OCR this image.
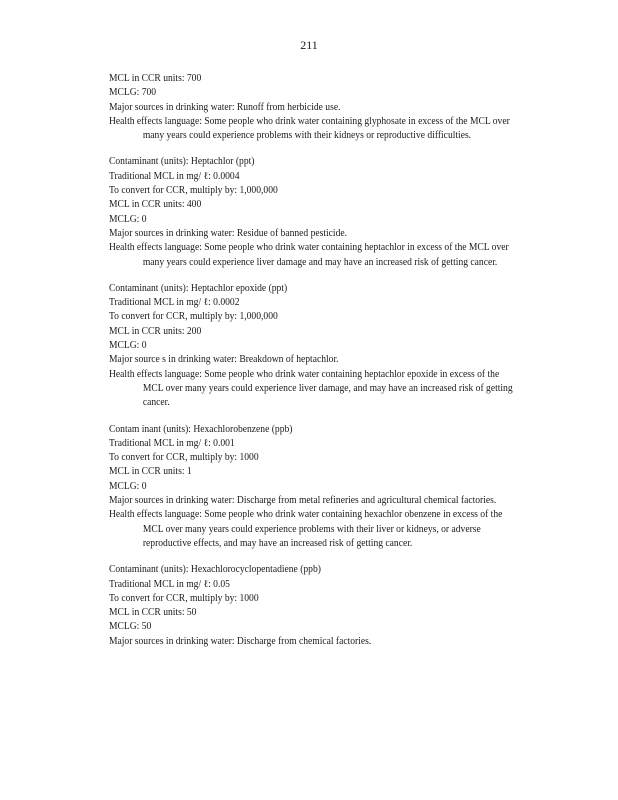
211
MCL in CCR units: 700
MCLG: 700
Major sources in drinking water: Runoff from herbicide use.
Health effects language: Some people who drink water containing glyphosate in excess of the MCL over many years could experience problems with their kidneys or reproductive difficulties.
Contaminant (units): Heptachlor (ppt)
Traditional MCL in mg/ ℓ: 0.0004
To convert for CCR, multiply by: 1,000,000
MCL in CCR units: 400
MCLG: 0
Major sources in drinking water: Residue of banned pesticide.
Health effects language: Some people who drink water containing heptachlor in excess of the MCL over many years could experience liver damage and may have an increased risk of getting cancer.
Contaminant (units): Heptachlor epoxide (ppt)
Traditional MCL in mg/ ℓ: 0.0002
To convert for CCR, multiply by: 1,000,000
MCL in CCR units: 200
MCLG: 0
Major source s in drinking water: Breakdown of heptachlor.
Health effects language: Some people who drink water containing heptachlor epoxide in excess of the MCL over many years could experience liver damage, and may have an increased risk of getting cancer.
Contam inant (units): Hexachlorobenzene (ppb)
Traditional MCL in mg/ ℓ: 0.001
To convert for CCR, multiply by: 1000
MCL in CCR units: 1
MCLG: 0
Major sources in drinking water: Discharge from metal refineries and agricultural chemical factories.
Health effects language: Some people who drink water containing hexachlor obenzene in excess of the MCL over many years could experience problems with their liver or kidneys, or adverse reproductive effects, and may have an increased risk of getting cancer.
Contaminant (units): Hexachlorocyclopentadiene (ppb)
Traditional MCL in mg/ ℓ: 0.05
To convert for CCR, multiply by: 1000
MCL in CCR units: 50
MCLG: 50
Major sources in drinking water: Discharge from chemical factories.
